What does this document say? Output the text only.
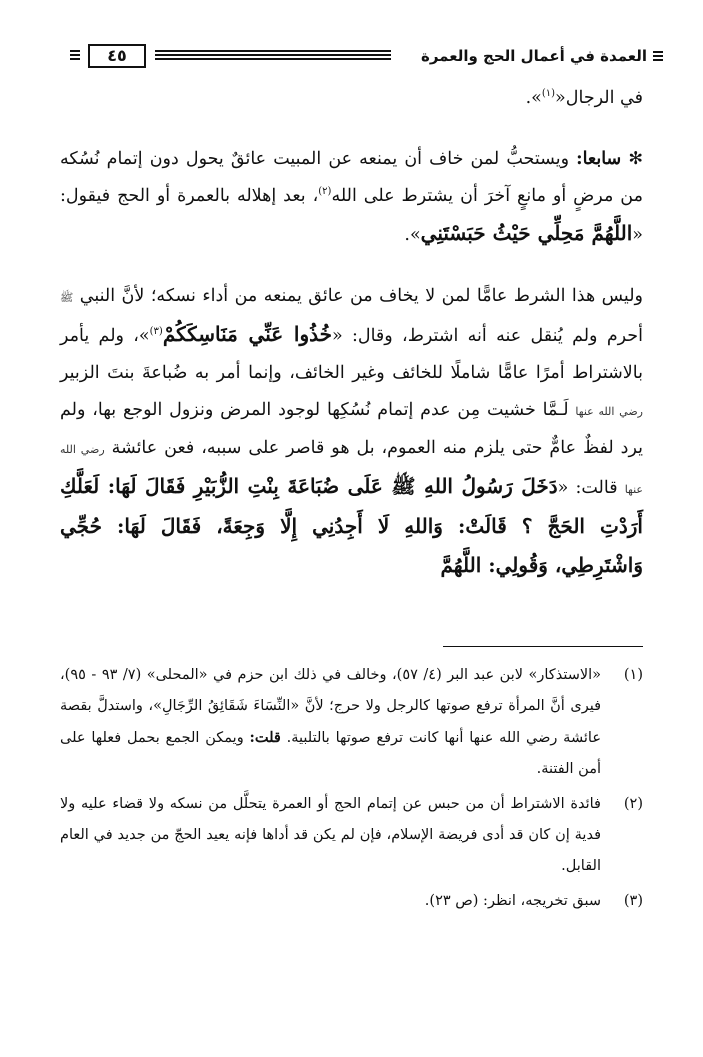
العمدة في أعمال الحج والعمرة
٤٥

في الرجال«$^{(١)}$».

✻ سابعا: ويستحبُّ لمن خاف أن يمنعه عن المبيت عائقٌ يحول دون إتمام نُسُكه من مرضٍ أو مانعٍ آخرَ أن يشترط على الله$^{(٢)}$، بعد إهلاله بالعمرة أو الحج فيقول: «اللَّهُمَّ مَحِلِّي حَيْثُ حَبَسْتَنِي».

وليس هذا الشرط عامًّا لمن لا يخاف من عائق يمنعه من أداء نسكه؛ لأنَّ النبي ﷺ أحرم ولم يُنقل عنه أنه اشترط، وقال: «خُذُوا عَنِّي مَنَاسِكَكُمْ$^{(٣)}$»، ولم يأمر بالاشتراط أمرًا عامًّا شاملًا للخائف وغير الخائف، وإنما أمر به ضُباعةَ بنتَ الزبير رضي الله عنها لَـمَّا خشيت مِن عدم إتمام نُسُكِها لوجود المرض ونزول الوجع بها، ولم يرد لفظٌ عامٌّ حتى يلزم منه العموم، بل هو قاصر على سببه، فعن عائشة رضي الله عنها قالت: «دَخَلَ رَسُولُ اللهِ ﷺ عَلَى ضُبَاعَةَ بِنْتِ الزُّبَيْرِ فَقَالَ لَهَا: لَعَلَّكِ أَرَدْتِ الحَجَّ ؟ قَالَتْ: وَاللهِ لَا أَجِدُنِي إِلَّا وَجِعَةً، فَقَالَ لَهَا: حُجِّي وَاشْتَرِطِي، وَقُولِي: اللَّهُمَّ

(١)
«الاستذكار» لابن عبد البر (٤/ ٥٧)، وخالف في ذلك ابن حزم في «المحلى» (٧/ ٩٣ - ٩٥)، فيرى أنَّ المرأة ترفع صوتها كالرجل ولا حرج؛ لأنَّ «النِّسَاءَ شَقَائِقُ الرِّجَالِ»، واستدلَّ بقصة عائشة رضي الله عنها أنها كانت ترفع صوتها بالتلبية. قلت: ويمكن الجمع بحمل فعلها على أمن الفتنة.
(٢)
فائدة الاشتراط أن من حبس عن إتمام الحج أو العمرة يتحلَّل من نسكه ولا قضاء عليه ولا فدية إن كان قد أدى فريضة الإسلام، فإن لم يكن قد أداها فإنه يعيد الحجّ من جديد في العام القابل.
(٣)
سبق تخريجه، انظر: (ص ٢٣).
